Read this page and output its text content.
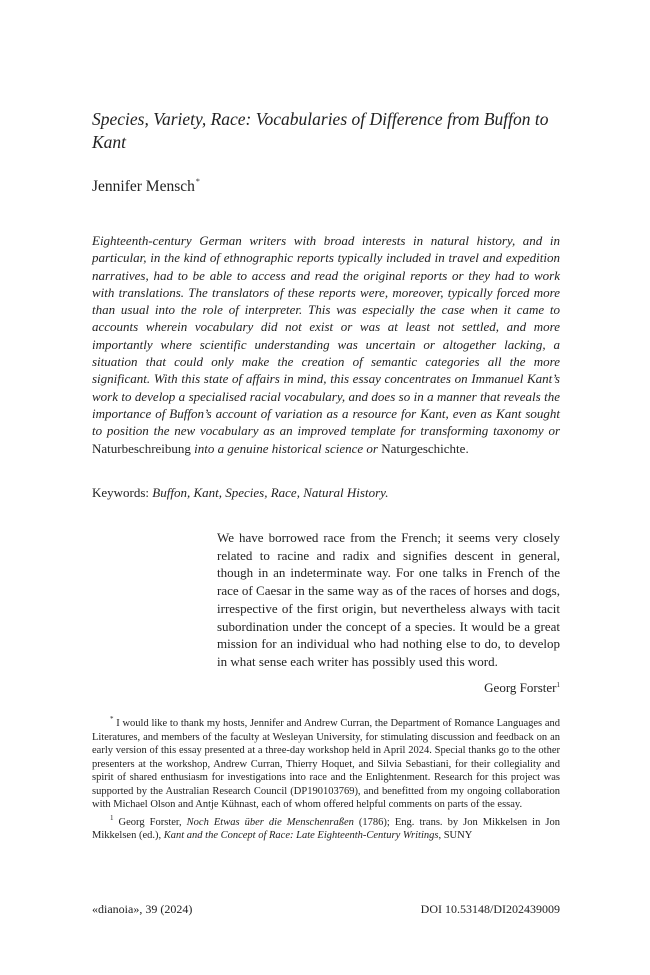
Species, Variety, Race: Vocabularies of Difference from Buffon to Kant
Jennifer Mensch*

Eighteenth-century German writers with broad interests in natural history, and in particular, in the kind of ethnographic reports typically included in travel and expedition narratives, had to be able to access and read the original reports or they had to work with translations. The translators of these reports were, moreover, typically forced more than usual into the role of interpreter. This was especially the case when it came to accounts wherein vocabulary did not exist or was at least not settled, and more importantly where scientific understanding was uncertain or altogether lacking, a situation that could only make the creation of semantic categories all the more significant. With this state of affairs in mind, this essay concentrates on Immanuel Kant’s work to develop a specialised racial vocabulary, and does so in a manner that reveals the importance of Buffon’s account of variation as a resource for Kant, even as Kant sought to position the new vocabulary as an improved template for transforming taxonomy or Naturbeschreibung into a genuine historical science or Naturgeschichte.

Keywords: Buffon, Kant, Species, Race, Natural History.

We have borrowed race from the French; it seems very closely related to racine and radix and signifies descent in general, though in an indeterminate way. For one talks in French of the race of Caesar in the same way as of the races of horses and dogs, irrespective of the first origin, but nevertheless always with tacit subordination under the concept of a species. It would be a great mission for an individual who had nothing else to do, to develop in what sense each writer has possibly used this word.

Georg Forster$^1$

* I would like to thank my hosts, Jennifer and Andrew Curran, the Department of Romance Languages and Literatures, and members of the faculty at Wesleyan University, for stimulating discussion and feedback on an early version of this essay presented at a three-day workshop held in April 2024. Special thanks go to the other presenters at the workshop, Andrew Curran, Thierry Hoquet, and Silvia Sebastiani, for their collegiality and spirit of shared enthusiasm for investigations into race and the Enlightenment. Research for this project was supported by the Australian Research Council (DP190103769), and benefitted from my ongoing collaboration with Michael Olson and Antje Kühnast, each of whom offered helpful comments on parts of the essay.

$^1$ Georg Forster, Noch Etwas über die Menschenraßen (1786); Eng. trans. by Jon Mikkelsen in Jon Mikkelsen (ed.), Kant and the Concept of Race: Late Eighteenth-Century Writings, SUNY

«dianoia», 39 (2024)	DOI 10.53148/DI202439009
